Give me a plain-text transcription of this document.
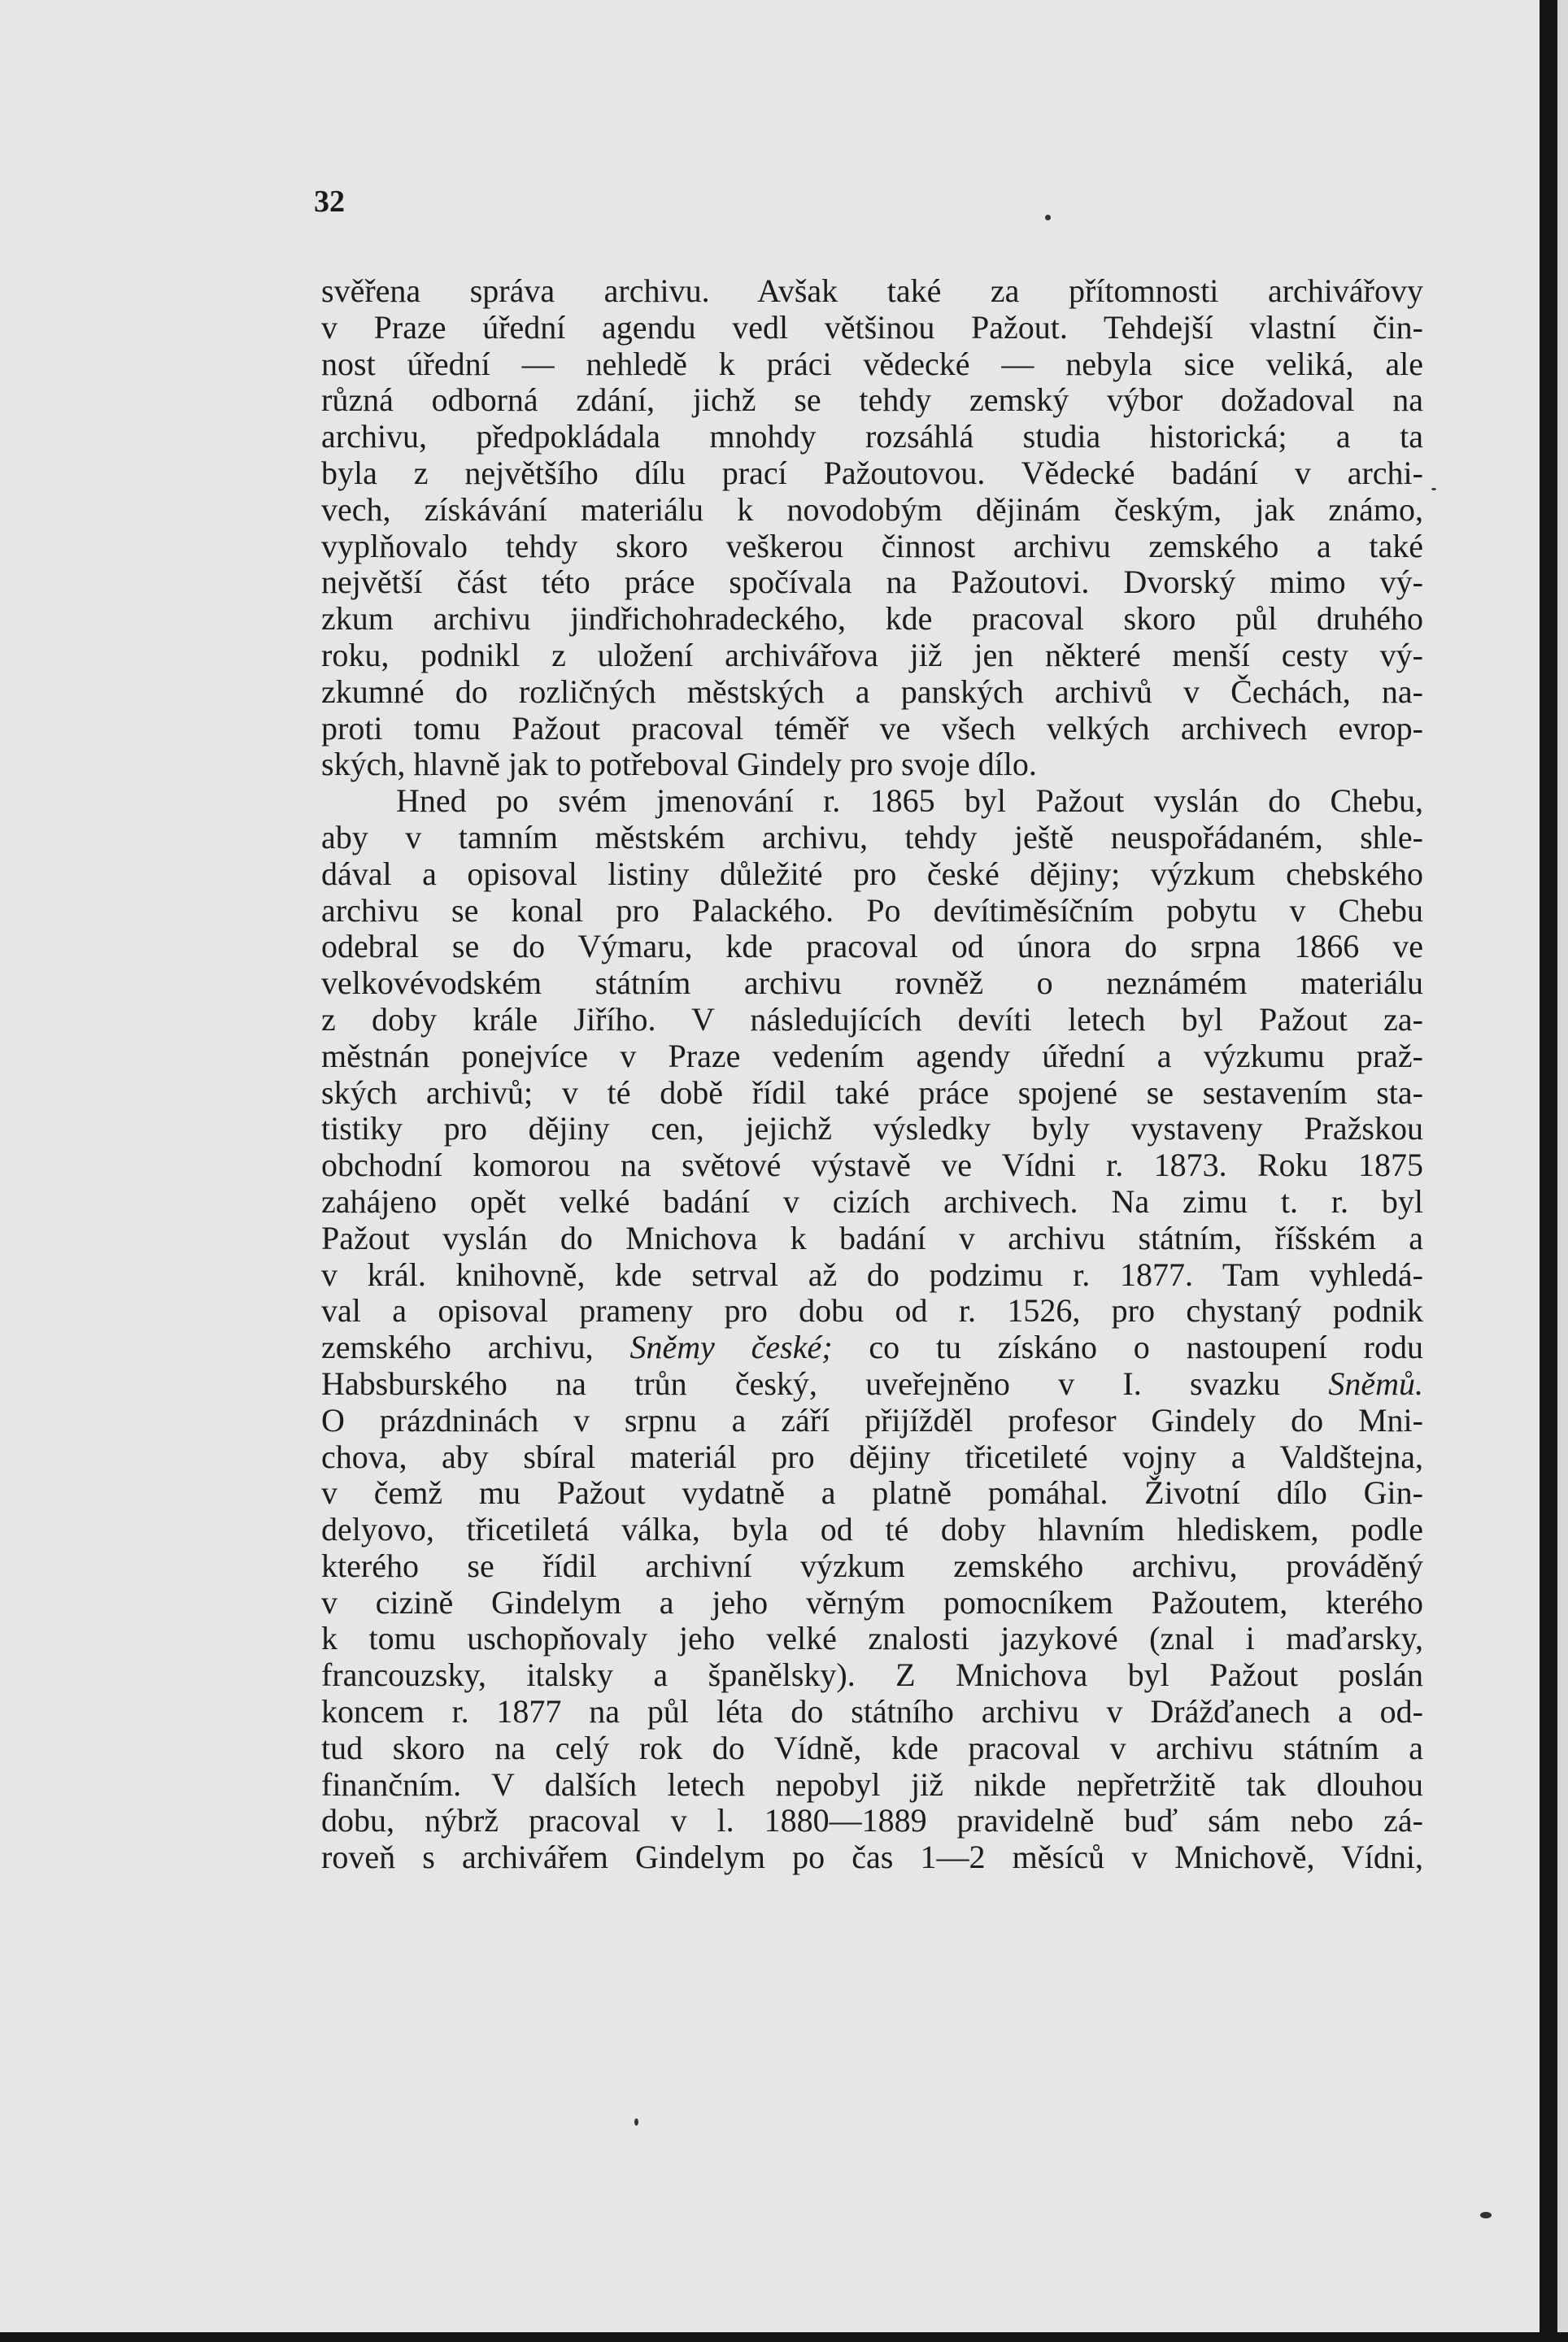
32
svěřena správa archivu. Avšak také za přítomnosti archivářovy
v Praze úřední agendu vedl většinou Pažout. Tehdejší vlastní čin-
nost úřední — nehledě k práci vědecké — nebyla sice veliká, ale
různá odborná zdání, jichž se tehdy zemský výbor dožadoval na
archivu, předpokládala mnohdy rozsáhlá studia historická; a ta
byla z největšího dílu prací Pažoutovou. Vědecké badání v archi-
vech, získávání materiálu k novodobým dějinám českým, jak známo,
vyplňovalo tehdy skoro veškerou činnost archivu zemského a také
největší část této práce spočívala na Pažoutovi. Dvorský mimo vý-
zkum archivu jindřichohradeckého, kde pracoval skoro půl druhého
roku, podnikl z uložení archivářova již jen některé menší cesty vý-
zkumné do rozličných městských a panských archivů v Čechách, na-
proti tomu Pažout pracoval téměř ve všech velkých archivech evrop-
ských, hlavně jak to potřeboval Gindely pro svoje dílo.
Hned po svém jmenování r. 1865 byl Pažout vyslán do Chebu,
aby v tamním městském archivu, tehdy ještě neuspořádaném, shle-
dával a opisoval listiny důležité pro české dějiny; výzkum chebského
archivu se konal pro Palackého. Po devítiměsíčním pobytu v Chebu
odebral se do Výmaru, kde pracoval od února do srpna 1866 ve
velkovévodském státním archivu rovněž o neznámém materiálu
z doby krále Jiřího. V následujících devíti letech byl Pažout za-
městnán ponejvíce v Praze vedením agendy úřední a výzkumu praž-
ských archivů; v té době řídil také práce spojené se sestavením sta-
tistiky pro dějiny cen, jejichž výsledky byly vystaveny Pražskou
obchodní komorou na světové výstavě ve Vídni r. 1873. Roku 1875
zahájeno opět velké badání v cizích archivech. Na zimu t. r. byl
Pažout vyslán do Mnichova k badání v archivu státním, říšském a
v král. knihovně, kde setrval až do podzimu r. 1877. Tam vyhledá-
val a opisoval prameny pro dobu od r. 1526, pro chystaný podnik
zemského archivu, Sněmy české; co tu získáno o nastoupení rodu
Habsburského na trůn český, uveřejněno v I. svazku Sněmů.
O prázdninách v srpnu a září přijížděl profesor Gindely do Mni-
chova, aby sbíral materiál pro dějiny třicetileté vojny a Valdštejna,
v čemž mu Pažout vydatně a platně pomáhal. Životní dílo Gin-
delyovo, třicetiletá válka, byla od té doby hlavním hlediskem, podle
kterého se řídil archivní výzkum zemského archivu, prováděný
v cizině Gindelym a jeho věrným pomocníkem Pažoutem, kterého
k tomu uschopňovaly jeho velké znalosti jazykové (znal i maďarsky,
francouzsky, italsky a španělsky). Z Mnichova byl Pažout poslán
koncem r. 1877 na půl léta do státního archivu v Drážďanech a od-
tud skoro na celý rok do Vídně, kde pracoval v archivu státním a
finančním. V dalších letech nepobyl již nikde nepřetržitě tak dlouhou
dobu, nýbrž pracoval v l. 1880—1889 pravidelně buď sám nebo zá-
roveň s archivářem Gindelym po čas 1—2 měsíců v Mnichově, Vídni,
